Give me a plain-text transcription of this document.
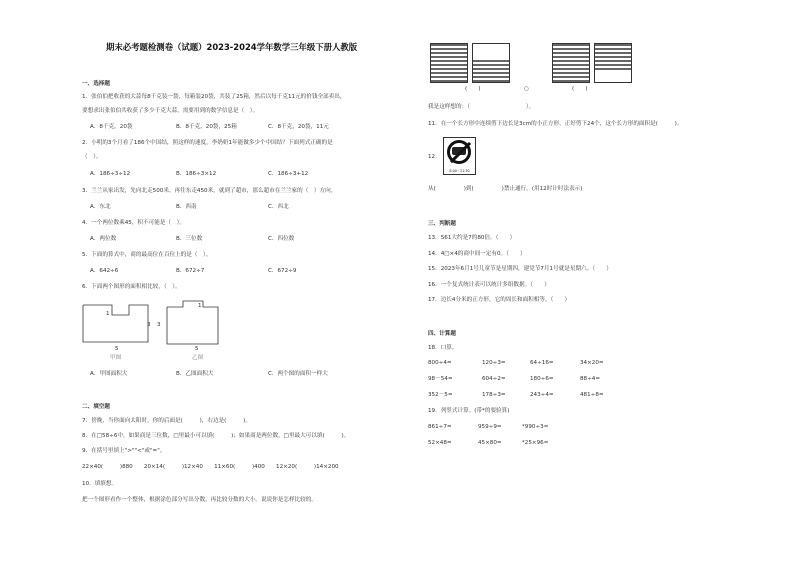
期末必考题检测卷（试题）2023-2024学年数学三年级下册人教版
一、选择题
1．张伯伯把收获的大蒜每8千克装一袋，每箱装20袋，共装了25箱，然后以每千克11元的价钱全部卖出，
要想求出张伯伯共收获了多少千克大蒜，需要用到的数学信息是（　）。
A．8千克，20袋	B．8千克，20袋，25箱	C．8千克，20袋，11元
2．小明的3个月看了186个中国结，照这样的速度，李奶奶1年能做多少个中国结？下面列式正确的是
（　）。
A．186÷3÷12	B．186÷3×12	C．186÷3+12
3．兰兰从家出发，先向北走500米，再往东走450米，就到了超市，那么超市在兰兰家的（　）方向。
A．东北	B．西南	C．西北
4．一个两位数乘45，积不可能是（　）。
A．两位数	B．三位数	C．四位数
5．下面的算式中，商的最高位在百位上的是（　）。
A．642÷6	B．672÷7	C．672÷9
6．下面两个图形的面积相比较，（　）。
1
3 3
1
5	5
甲图	乙图
A．甲图面积大	B．乙图面积大	C．两个图的面积一样大
二、填空题
7．傍晚，当你面向太阳时，你的后面是(　　　)，右边是(　　　)。
8．在□58÷6中，如果商是三位数，□里最小可以填(　　　)；如果商是两位数，□里最大可以填(　　　)。
9．在括号里填上">""<"或"="。
22×40(　　　)880　　20×14(　　　)12×40　　11×60(　　　)400　　12×20(　　　)14×200
10．填填想。
把一个图形看作一个整体，根据涂色部分写出分数，再比较分数的大小。说说你是怎样比较的。
(　　)	○	(　　)
我是这样想的：（　　　　　　　　　　）。
11．在一个长方形中连续剪下边长是3cm的小正方形，正好剪下24个，这个长方形的面积是(　　　)。
12.
8:00～21:30
从(　　　　　)到(　　　　　)禁止通行。(用12时计时法表示)
三、判断题
13．561大约是7的80倍。（　　）
14．4□×4的商中间一定有0。（　　）
15．2023年6月1号儿童节是星期四，建党节7月1号就是星期六。（　　）
16．一个复式统计表可以统计多组数据。（　　）
17．边长4分米的正方形，它的周长和面积相等。（　　）
四、计算题
18．口算。
800÷4=	120÷3=	64÷16=	34×20=
98－54=	604÷2=	180÷6=	88÷4=
352－5=	178÷3=	243÷4=	481÷8=
19．列竖式计算。(带*的要验算)
861÷7=	959÷9=	*990÷3=
52×48=	45×80=	*25×96=
